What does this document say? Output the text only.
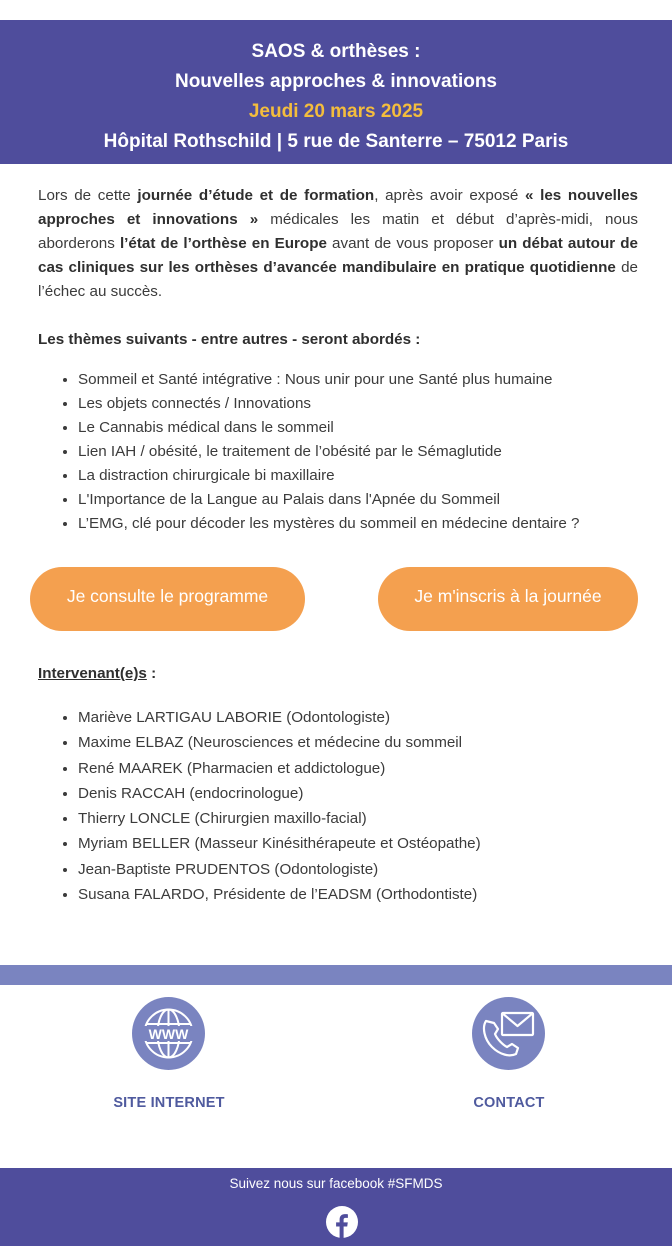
SAOS & orthèses :
Nouvelles approches & innovations
Jeudi 20 mars 2025
Hôpital Rothschild | 5 rue de Santerre – 75012 Paris
Lors de cette journée d’étude et de formation, après avoir exposé « les nouvelles approches et innovations » médicales les matin et début d’après-midi, nous aborderons l’état de l’orthèse en Europe avant de vous proposer un débat autour de cas cliniques sur les orthèses d’avancée mandibulaire en pratique quotidienne de l’échec au succès.
Les thèmes suivants - entre autres - seront abordés :
• Sommeil et Santé intégrative : Nous unir pour une Santé plus humaine
• Les objets connectés / Innovations
• Le Cannabis médical dans le sommeil
• Lien IAH / obésité, le traitement de l’obésité par le Sémaglutide
• La distraction chirurgicale bi maxillaire
• L'Importance de la Langue au Palais dans l'Apnée du Sommeil
• L’EMG, clé pour décoder les mystères du sommeil en médecine dentaire ?
Je consulte le programme	Je m'inscris à la journée
Intervenant(e)s :
• Mariève LARTIGAU LABORIE (Odontologiste)
• Maxime ELBAZ (Neurosciences et médecine du sommeil
• René MAAREK (Pharmacien et addictologue)
• Denis RACCAH (endocrinologue)
• Thierry LONCLE (Chirurgien maxillo-facial)
• Myriam BELLER (Masseur Kinésithérapeute et Ostéopathe)
• Jean-Baptiste PRUDENTOS (Odontologiste)
• Susana FALARDO, Présidente de l’EADSM (Orthodontiste)
WWW
SITE INTERNET	CONTACT
Suivez nous sur facebook #SFMDS
